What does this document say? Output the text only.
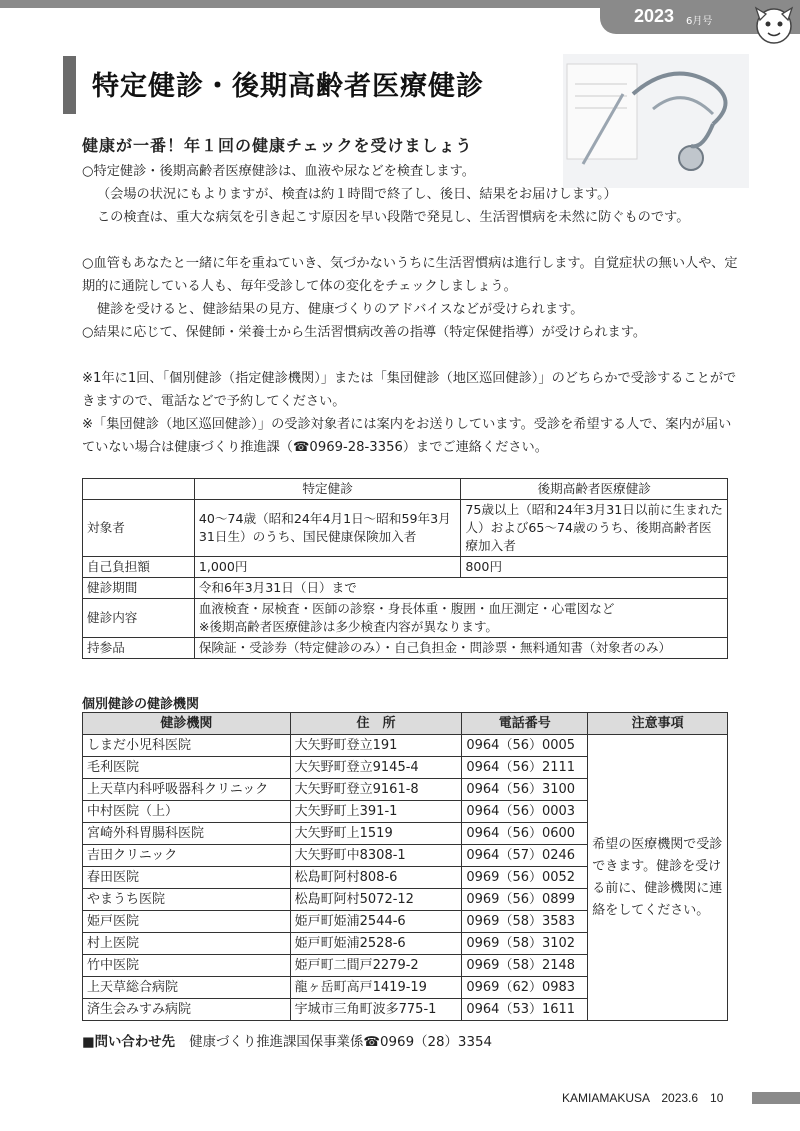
2023 6月号
特定健診・後期高齢者医療健診
健康が一番！年１回の健康チェックを受けましょう
○特定健診・後期高齢者医療健診は、血液や尿などを検査します。
（会場の状況にもよりますが、検査は約１時間で終了し、後日、結果をお届けします。）
この検査は、重大な病気を引き起こす原因を早い段階で発見し、生活習慣病を未然に防ぐものです。
○血管もあなたと一緒に年を重ねていき、気づかないうちに生活習慣病は進行します。自覚症状の無い人や、定期的に通院している人も、毎年受診して体の変化をチェックしましょう。
健診を受けると、健診結果の見方、健康づくりのアドバイスなどが受けられます。
○結果に応じて、保健師・栄養士から生活習慣病改善の指導（特定保健指導）が受けられます。
※1年に1回、「個別健診（指定健診機関）」または「集団健診（地区巡回健診）」のどちらかで受診することができますので、電話などで予約してください。
※「集団健診（地区巡回健診）」の受診対象者には案内をお送りしています。受診を希望する人で、案内が届いていない場合は健康づくり推進課（☎0969-28-3356）までご連絡ください。
	特定健診	後期高齢者医療健診
対象者	40〜74歳（昭和24年4月1日〜昭和59年3月31日生）のうち、国民健康保険加入者	75歳以上（昭和24年3月31日以前に生まれた人）および65〜74歳のうち、後期高齢者医療加入者
自己負担額	1,000円	800円
健診期間	令和6年3月31日（日）まで	
健診内容	血液検査・尿検査・医師の診察・身長体重・腹囲・血圧測定・心電図など
※後期高齢者医療健診は多少検査内容が異なります。	

持参品	保険証・受診券（特定健診のみ）・自己負担金・問診票・無料通知書（対象者のみ）	
個別健診の健診機関
健診機関	住　所	電話番号	注意事項
しまだ小児科医院	大矢野町登立191	0964（56）0005	希望の医療機関で受診できます。健診を受ける前に、健診機関に連絡をしてください。
毛利医院	大矢野町登立9145-4	0964（56）2111	
上天草内科呼吸器科クリニック	大矢野町登立9161-8	0964（56）3100	
中村医院（上）	大矢野町上391-1	0964（56）0003	
宮崎外科胃腸科医院	大矢野町上1519	0964（56）0600	
吉田クリニック	大矢野町中8308-1	0964（57）0246	
春田医院	松島町阿村808-6	0969（56）0052	
やまうち医院	松島町阿村5072-12	0969（56）0899	
姫戸医院	姫戸町姫浦2544-6	0969（58）3583	
村上医院	姫戸町姫浦2528-6	0969（58）3102	
竹中医院	姫戸町二間戸2279-2	0969（58）2148	
上天草総合病院	龍ヶ岳町高戸1419-19	0969（62）0983	
済生会みすみ病院	宇城市三角町波多775-1	0964（53）1611	
■問い合わせ先 健康づくり推進課国保事業係☎0969（28）3354
KAMIAMAKUSA　2023.6　10
